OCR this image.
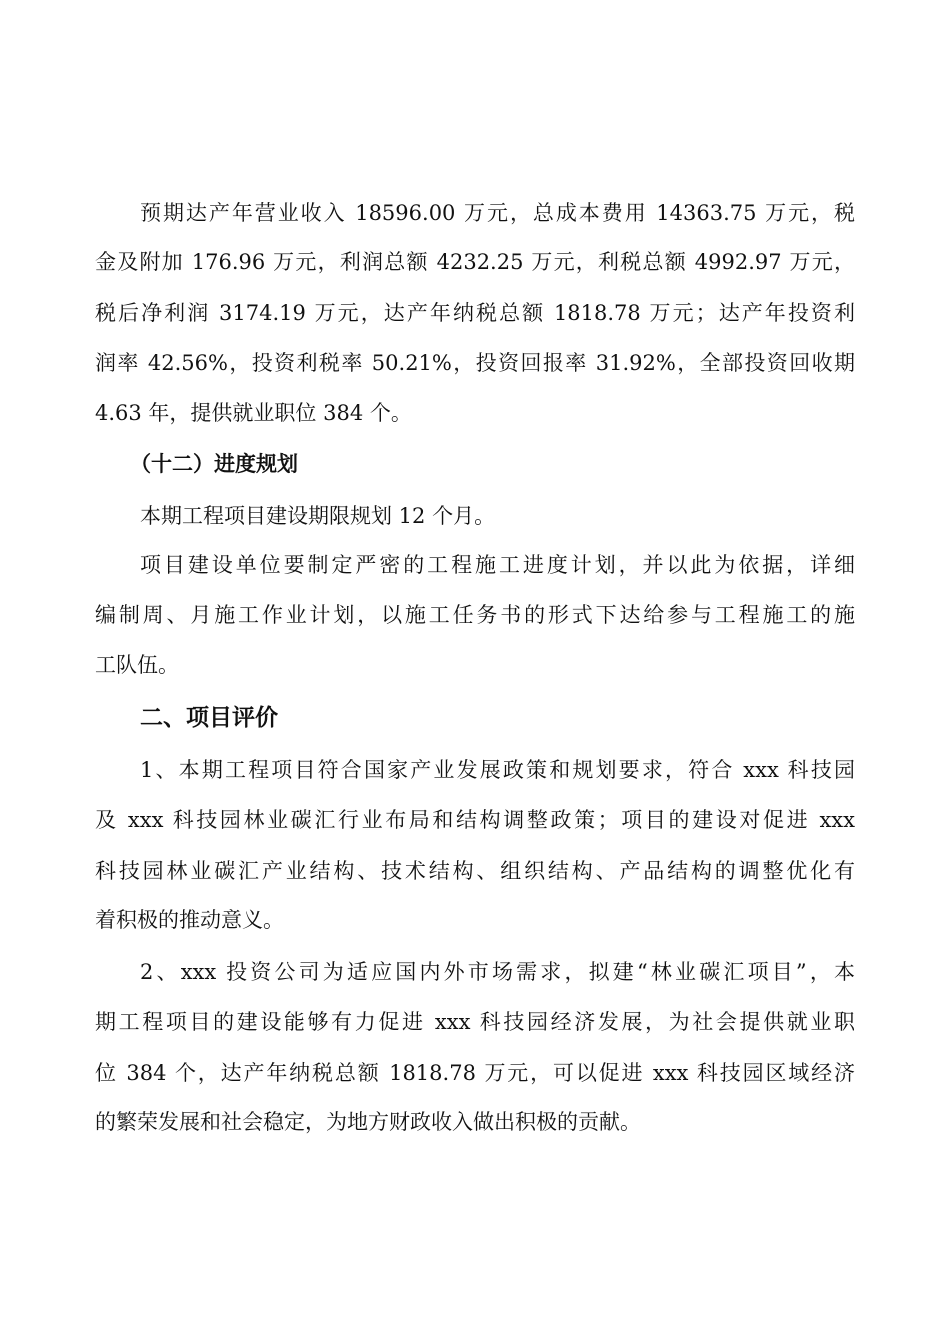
预期达产年营业收入 18596.00 万元，总成本费用 14363.75 万元，税
金及附加 176.96 万元，利润总额 4232.25 万元，利税总额 4992.97 万元，
税后净利润 3174.19 万元，达产年纳税总额 1818.78 万元；达产年投资利
润率 42.56%，投资利税率 50.21%，投资回报率 31.92%，全部投资回收期
4.63 年，提供就业职位 384 个。
（十二）进度规划
本期工程项目建设期限规划 12 个月。
项目建设单位要制定严密的工程施工进度计划，并以此为依据，详细
编制周、月施工作业计划，以施工任务书的形式下达给参与工程施工的施
工队伍。
二、项目评价
1、本期工程项目符合国家产业发展政策和规划要求，符合 xxx 科技园
及 xxx 科技园林业碳汇行业布局和结构调整政策；项目的建设对促进 xxx
科技园林业碳汇产业结构、技术结构、组织结构、产品结构的调整优化有
着积极的推动意义。
2、xxx 投资公司为适应国内外市场需求，拟建“林业碳汇项目”，本
期工程项目的建设能够有力促进 xxx 科技园经济发展，为社会提供就业职
位 384 个，达产年纳税总额 1818.78 万元，可以促进 xxx 科技园区域经济
的繁荣发展和社会稳定，为地方财政收入做出积极的贡献。
